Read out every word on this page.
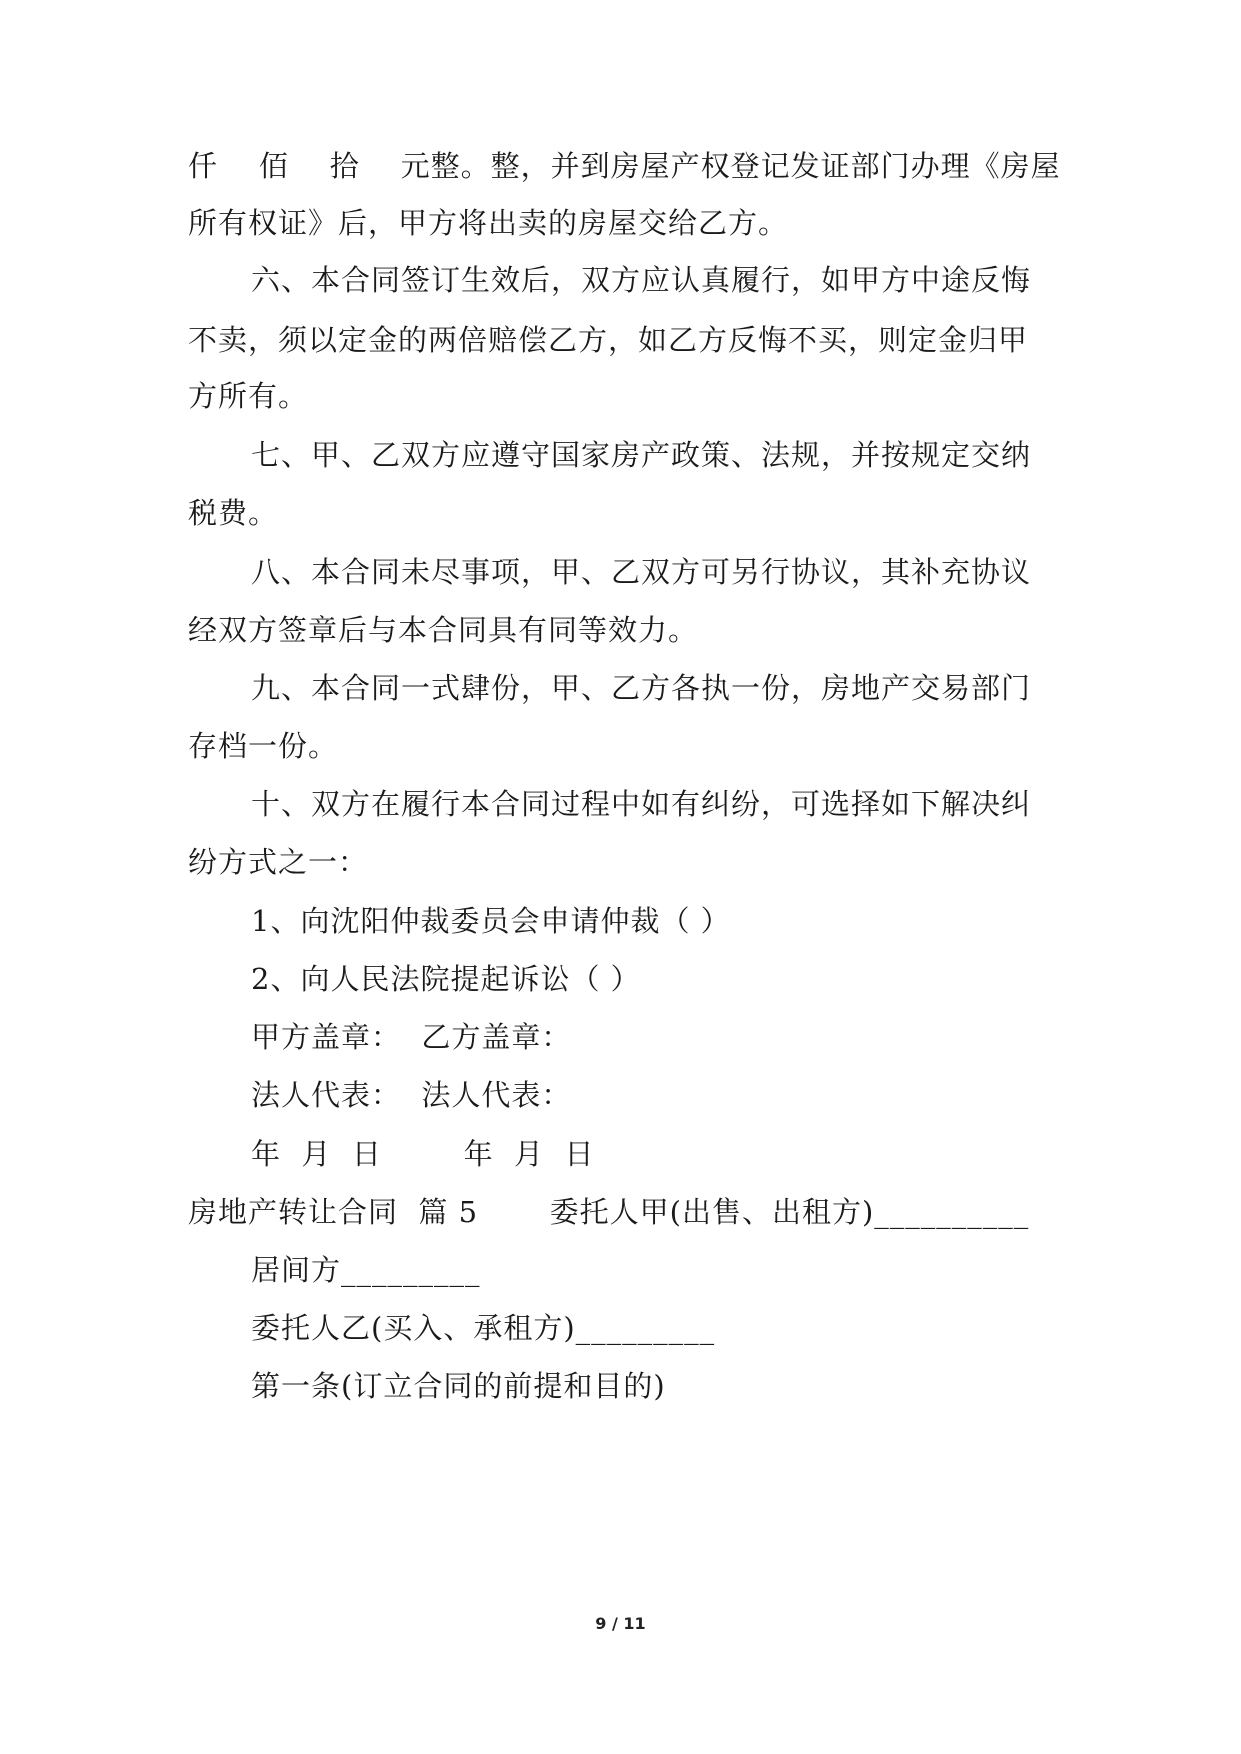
仟    佰    拾    元整。整，并到房屋产权登记发证部门办理《房屋
所有权证》后，甲方将出卖的房屋交给乙方。
六、本合同签订生效后，双方应认真履行，如甲方中途反悔
不卖，须以定金的两倍赔偿乙方，如乙方反悔不买，则定金归甲
方所有。
七、甲、乙双方应遵守国家房产政策、法规，并按规定交纳
税费。
八、本合同未尽事项，甲、乙双方可另行协议，其补充协议
经双方签章后与本合同具有同等效力。
九、本合同一式肆份，甲、乙方各执一份，房地产交易部门
存档一份。
十、双方在履行本合同过程中如有纠纷，可选择如下解决纠
纷方式之一：
1、向沈阳仲裁委员会申请仲裁（ ）
2、向人民法院提起诉讼（ ）
甲方盖章：  乙方盖章：
法人代表：  法人代表：
年  月  日        年  月  日
房地产转让合同  篇 5       委托人甲(出售、出租方)__________
居间方_________
委托人乙(买入、承租方)_________
第一条(订立合同的前提和目的)
9 / 11
